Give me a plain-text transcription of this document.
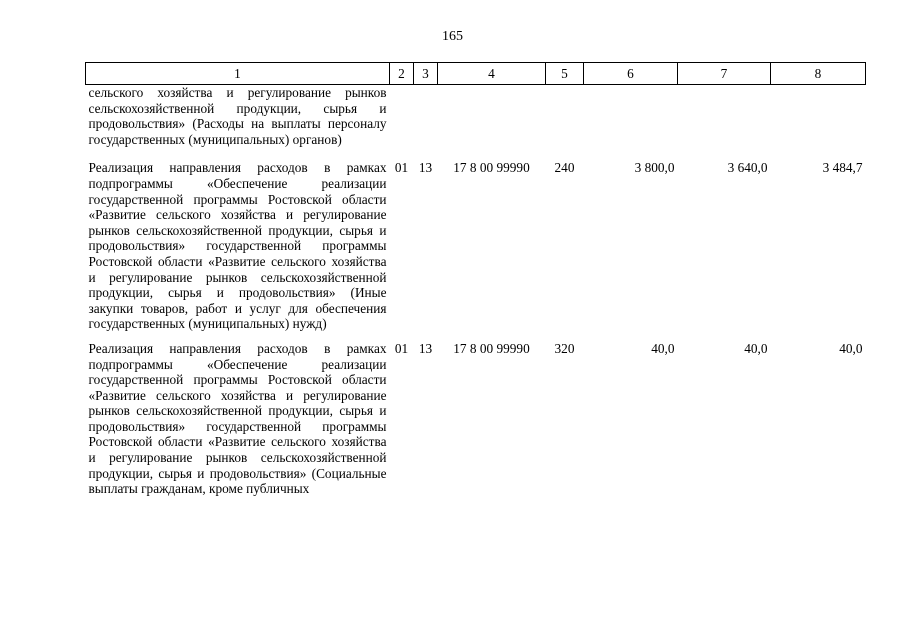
165
1	2	3	4	5	6	7	8
сельского хозяйства и регулирование рынков сельскохозяйственной продукции, сырья и продовольствия» (Расходы на выплаты персоналу государственных (муниципальных) органов)							
Реализация направления расходов в рамках подпрограммы «Обеспечение реализации государственной программы Ростовской области «Развитие сельского хозяйства и регулирование рынков сельскохозяйственной продукции, сырья и продовольствия» государственной программы Ростовской области «Развитие сельского хозяйства и регулирование рынков сельскохозяйственной продукции, сырья и продовольствия» (Иные закупки товаров, работ и услуг для обеспечения государственных (муниципальных) нужд)	01	13	17 8 00 99990	240	3 800,0	3 640,0	3 484,7
Реализация направления расходов в рамках подпрограммы «Обеспечение реализации государственной программы Ростовской области «Развитие сельского хозяйства и регулирование рынков сельскохозяйственной продукции, сырья и продовольствия» государственной программы Ростовской области «Развитие сельского хозяйства и регулирование рынков сельскохозяйственной продукции, сырья и продовольствия» (Социальные выплаты гражданам, кроме публичных	01	13	17 8 00 99990	320	40,0	40,0	40,0
